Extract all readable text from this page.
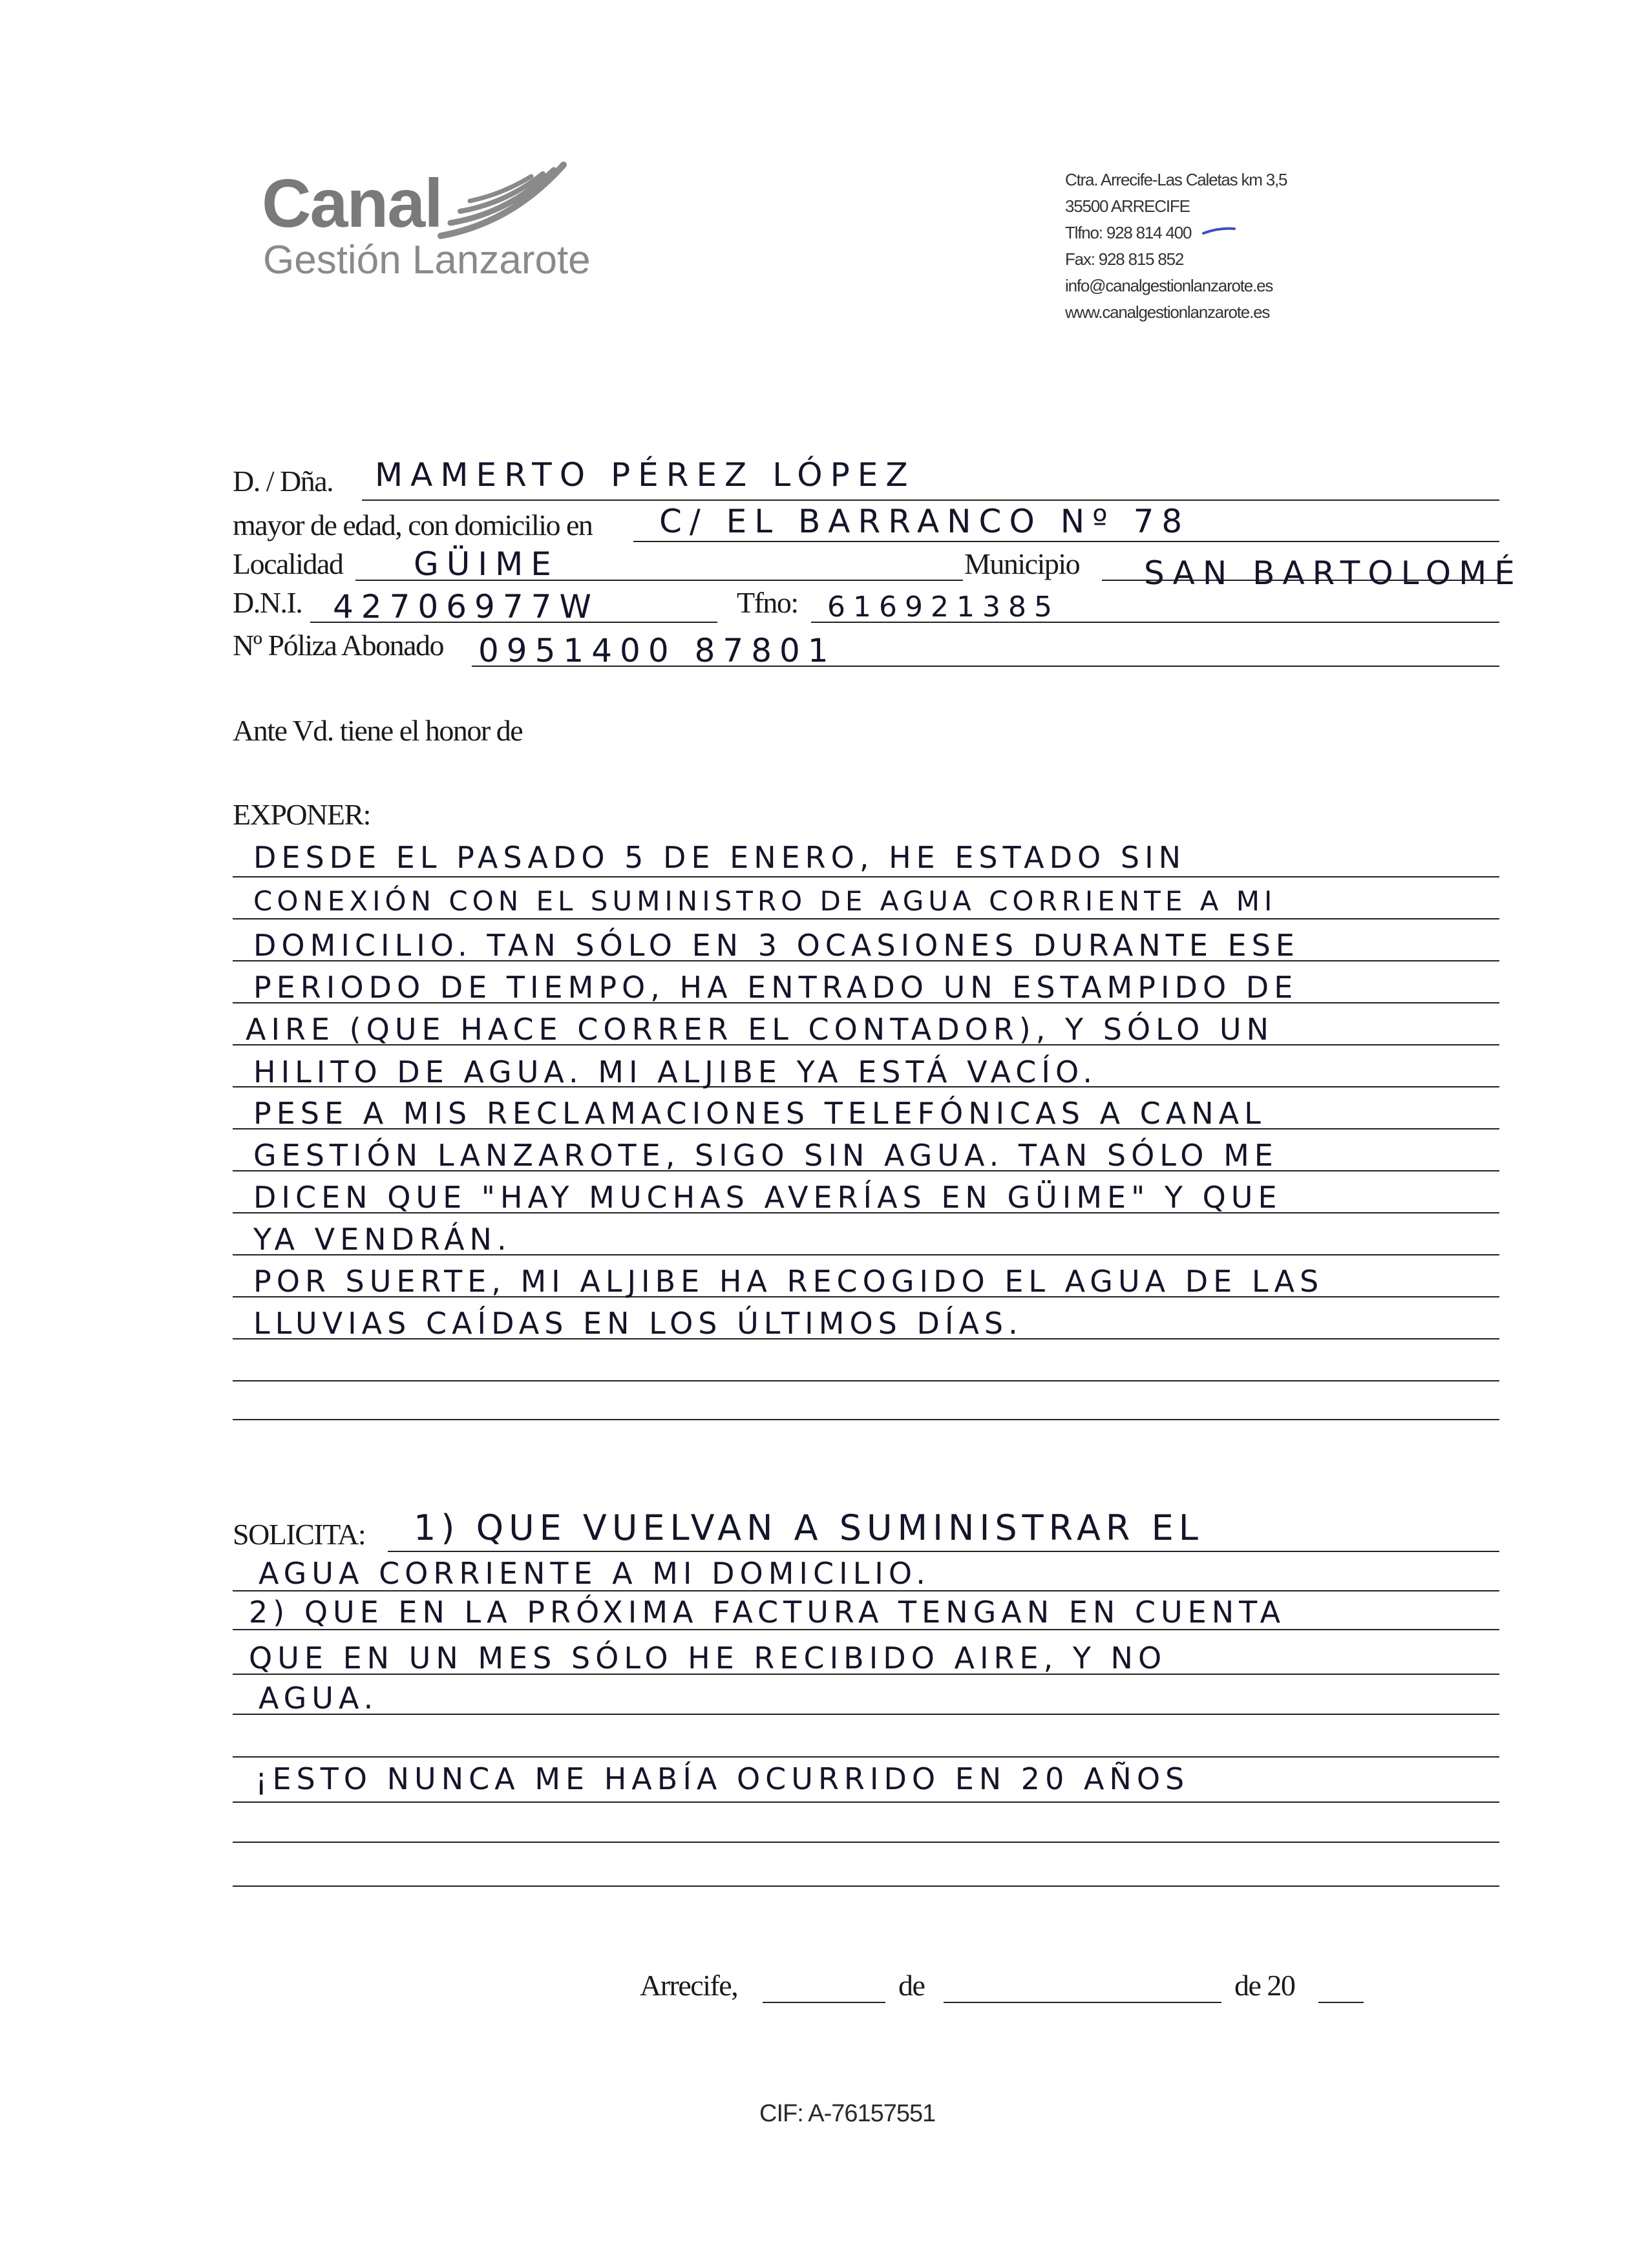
Canal
Gestión Lanzarote
Ctra. Arrecife-Las Caletas km 3,5
35500 ARRECIFE
Tlfno: 928 814 400
Fax: 928 815 852
info@canalgestionlanzarote.es
www.canalgestionlanzarote.es
D. / Dña. MAMERTO PÉREZ LÓPEZ
mayor de edad, con domicilio en C/ EL BARRANCO Nº 78
Localidad GÜIME	Municipio SAN BARTOLOMÉ
D.N.I. 42706977W	Tfno: 616921385
Nº Póliza Abonado 0951400 87801
Ante Vd. tiene el honor de
EXPONER:
DESDE EL PASADO 5 DE ENERO, HE ESTADO SIN
CONEXIÓN CON EL SUMINISTRO DE AGUA CORRIENTE A MI
DOMICILIO. TAN SÓLO EN 3 OCASIONES DURANTE ESE
PERIODO DE TIEMPO, HA ENTRADO UN ESTAMPIDO DE
AIRE (QUE HACE CORRER EL CONTADOR), Y SÓLO UN
HILITO DE AGUA. MI ALJIBE YA ESTÁ VACÍO.
PESE A MIS RECLAMACIONES TELEFÓNICAS A CANAL
GESTIÓN LANZAROTE, SIGO SIN AGUA. TAN SÓLO ME
DICEN QUE "HAY MUCHAS AVERÍAS EN GÜIME" Y QUE
YA VENDRÁN.
POR SUERTE, MI ALJIBE HA RECOGIDO EL AGUA DE LAS
LLUVIAS CAÍDAS EN LOS ÚLTIMOS DÍAS.
SOLICITA: 1) QUE VUELVAN A SUMINISTRAR EL
AGUA CORRIENTE A MI DOMICILIO.
2) QUE EN LA PRÓXIMA FACTURA TENGAN EN CUENTA
QUE EN UN MES SÓLO HE RECIBIDO AIRE, Y NO
AGUA.
¡ESTO NUNCA ME HABÍA OCURRIDO EN 20 AÑOS
Arrecife,	de	de 20
CIF: A-76157551
